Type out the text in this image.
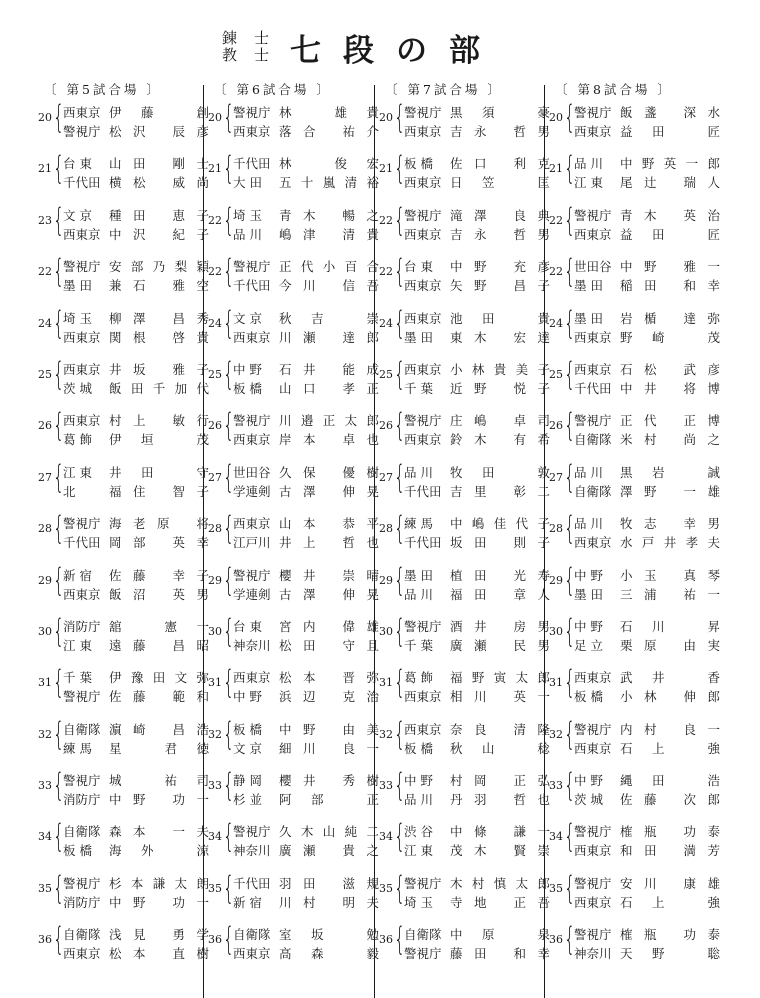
錬	士
教	士 七段の部
〔 第5試合場 〕
20 {
西東京 伊藤 創
警視庁 松沢 辰彦
21 {
台 東	山田 剛士
千代田 横松 威尚
23 {
文 京	種田 恵子
西東京 中沢 紀子
22 {
警視庁 安部乃梨穎
墨 田	兼石 雅空
24 {
埼 玉	柳澤 昌秀
西東京 関根 啓貴
25 {
西東京 井坂 雅子
茨 城	飯田千加代
26 {
西東京 村上 敏行
葛 飾	伊垣 茂
27 {
江 東	井田 守
北	福住 智子
28 {
警視庁 海老原 将
千代田 岡部 英幸
29 {
新 宿	佐藤 幸子
西東京 飯沼 英男
30 {
消防庁 舘 憲一
江 東	遠藤 昌昭
31 {
千 葉	伊豫田文弥
警視庁 佐藤 範和
32 {
自衛隊 濵崎 昌浩
練 馬	星 君徳
33 {
警視庁 城 祐司
消防庁 中野 功一
34 {
自衛隊 森本 一夫
板 橋	海外 涼
35 {
警視庁 杉本謙太朗
消防庁 中野 功一
36 {
自衛隊 浅見 勇学
西東京 松本 直樹
〔 第6試合場 〕
20 {
警視庁 林 雄貴
西東京 落合 祐介
21 {
千代田 林 俊宏
大 田	五十嵐清裕
22 {
埼 玉	青木 暢之
品 川	嶋津 清貴
22 {
警視庁 正代小百合
千代田 今川 信吾
24 {
文 京	秋吉 崇
西東京 川瀬 達郎
25 {
中 野	石井 能成
板 橋	山口 孝正
26 {
警視庁 川邉正太郎
西東京 岸本 卓也
27 {
世田谷 久保 優樹
学連剣 古澤 伸晃
28 {
西東京 山本 恭平
江戸川 井上 哲也
29 {
警視庁 櫻井 崇晴
学連剣 古澤 伸晃
30 {
台 東	宮内 偉雄
神奈川 松田 守且
31 {
西東京 松本 晋弥
中 野	浜辺 克治
32 {
板 橋	中野 由美
文 京	細川 良一
33 {
静 岡	櫻井 秀樹
杉 並	阿部 正
34 {
警視庁 久木山純二
神奈川 廣瀬 貴之
35 {
千代田 羽田 滋規
新 宿	川村 明夫
36 {
自衛隊 室坂 勉
西東京 高森 毅
〔 第7試合場 〕
20 {
警視庁 黒須 豪
西東京 吉永 哲男
21 {
板 橋	佐口 利克
西東京 日笠 匡
22 {
警視庁 滝澤 良典
西東京 吉永 哲男
22 {
台 東	中野 充彦
西東京 矢野 昌子
24 {
西東京 池田 貴
墨 田	東木 宏達
25 {
西東京 小林貴美子
千 葉	近野 悦子
26 {
警視庁 庄嶋 卓司
西東京 鈴木 有希
27 {
品 川	牧田 敦
千代田 吉里 彰二
28 {
練 馬	中嶋佳代子
千代田 坂田 則子
29 {
墨 田	植田 光寿
品 川	福田 章人
30 {
警視庁 酒井 房男
千 葉	廣瀬 民男
31 {
葛 飾	福野寅太郎
西東京 相川 英一
32 {
西東京 奈良 清隆
板 橋	秋山 稔
33 {
中 野	村岡 正弘
品 川	丹羽 哲也
34 {
渋 谷	中條 謙一
江 東	茂木 賢崇
35 {
警視庁 木村慎太郎
埼 玉	寺地 正吾
36 {
自衛隊 中原 泉
警視庁 藤田 和幸
〔 第8試合場 〕
20 {
警視庁 飯盞 深水
西東京 益田 匠
21 {
品 川	中野英一郎
江 東	尾辻 瑞人
22 {
警視庁 青木 英治
西東京 益田 匠
22 {
世田谷 中野 雅一
墨 田	稲田 和幸
24 {
墨 田	岩楯 達弥
西東京 野崎 茂
25 {
西東京 石松 武彦
千代田 中井 将博
26 {
警視庁 正代 正博
自衛隊 米村 尚之
27 {
品 川	黒岩 誠
自衛隊 澤野 一雄
28 {
品 川	牧志 幸男
西東京 水戸井孝夫
29 {
中 野	小玉 真琴
墨 田	三浦 祐一
30 {
中 野	石川 昇
足 立	栗原 由実
31 {
西東京 武井 香
板 橋	小林 伸郎
32 {
警視庁 内村 良一
西東京 石上 強
33 {
中 野	縄田 浩
茨 城	佐藤 次郎
34 {
警視庁 榷瓶 功泰
西東京 和田 満芳
35 {
警視庁 安川 康雄
西東京 石上 強
36 {
警視庁 榷瓶 功泰
神奈川 天野 聡
